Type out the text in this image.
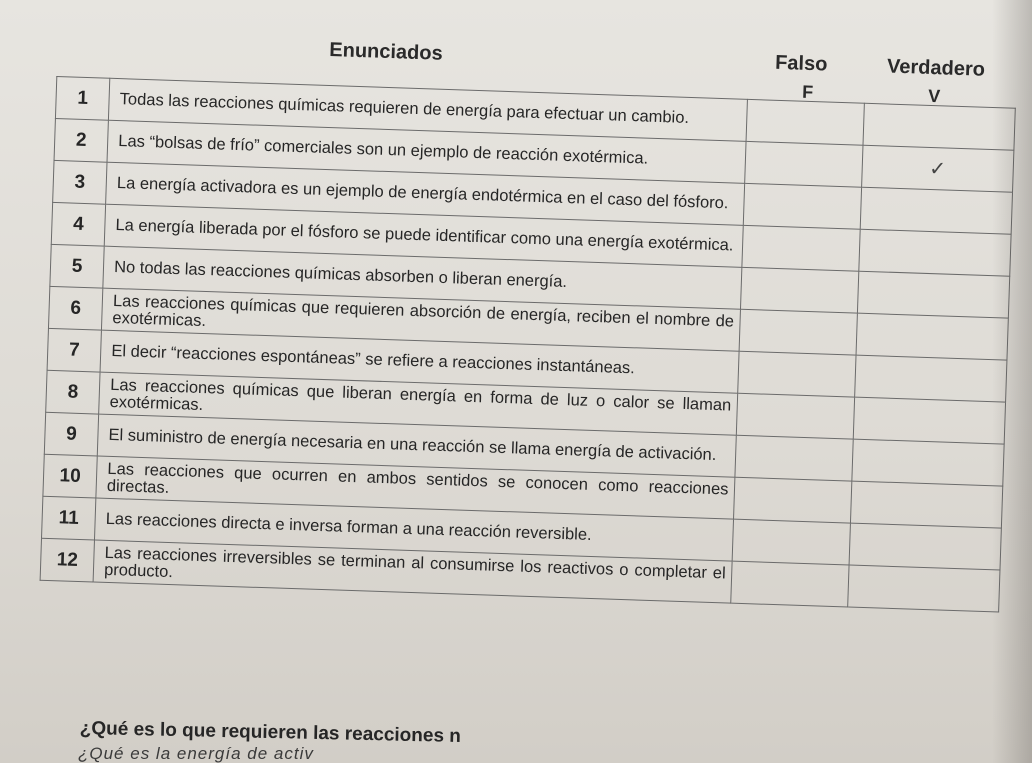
Enunciados	Falso	Verdadero
F	V
1	Todas las reacciones químicas requieren de energía para efectuar un cambio.		
2	Las “bolsas de frío” comerciales son un ejemplo de reacción exotérmica.		✓
3	La energía activadora es un ejemplo de energía endotérmica en el caso del fósforo.		
4	La energía liberada por el fósforo se puede identificar como una energía exotérmica.		
5	No todas las reacciones químicas absorben o liberan energía.		
6	Las reacciones químicas que requieren absorción de energía, reciben el nombre de exotérmicas.		
7	El decir “reacciones espontáneas” se refiere a reacciones instantáneas.		
8	Las reacciones químicas que liberan energía en forma de luz o calor se llaman exotérmicas.		
9	El suministro de energía necesaria en una reacción se llama energía de activación.		
10	Las reacciones que ocurren en ambos sentidos se conocen como reacciones directas.		
11	Las reacciones directa e inversa forman a una reacción reversible.		
12	Las reacciones irreversibles se terminan al consumirse los reactivos o completar el producto.		
¿Qué es lo que requieren las reacciones n
¿Qué es la energía de activ
